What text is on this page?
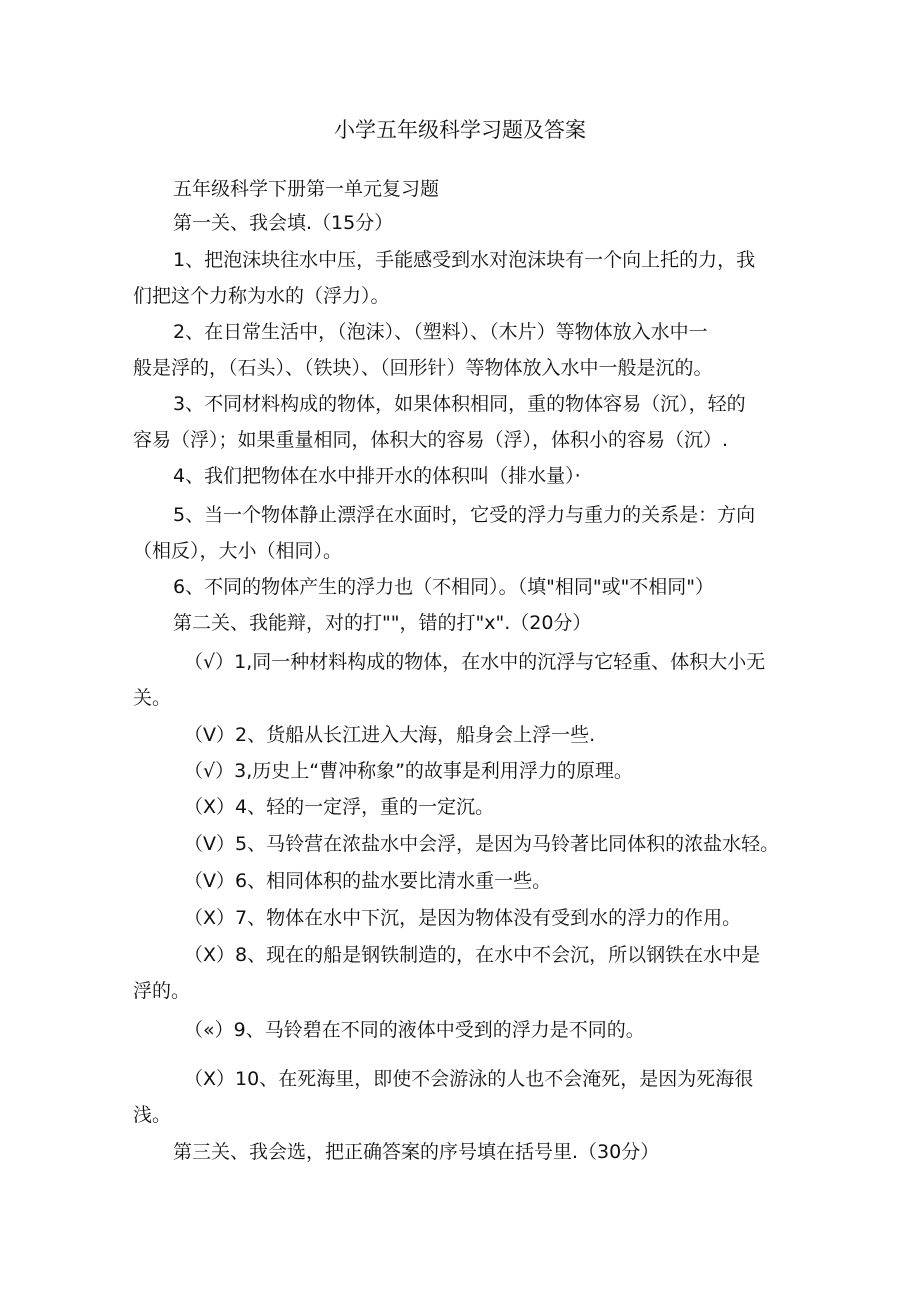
小学五年级科学习题及答案
五年级科学下册第一单元复习题
第一关、我会填.（15分）
1、把泡沫块往水中压，手能感受到水对泡沫块有一个向上托的力，我
们把这个力称为水的（浮力）。
2、在日常生活中，（泡沫）、（塑料）、（木片）等物体放入水中一
般是浮的，（石头）、（铁块）、（回形针）等物体放入水中一般是沉的。
3、不同材料构成的物体，如果体积相同，重的物体容易（沉），轻的
容易（浮）；如果重量相同，体积大的容易（浮），体积小的容易（沉）.
4、我们把物体在水中排开水的体积叫（排水量）·
5、当一个物体静止漂浮在水面时，它受的浮力与重力的关系是：方向
（相反），大小（相同）。
6、不同的物体产生的浮力也（不相同）。（填"相同"或"不相同"）
第二关、我能辩，对的打""，错的打"x".（20分）
（√）1,同一种材料构成的物体，在水中的沉浮与它轻重、体积大小无
关。
（V）2、货船从长江进入大海，船身会上浮一些.
（√）3,历史上“曹冲称象”的故事是利用浮力的原理。
（X）4、轻的一定浮，重的一定沉。
（V）5、马铃营在浓盐水中会浮，是因为马铃著比同体积的浓盐水轻。
（V）6、相同体积的盐水要比清水重一些。
（X）7、物体在水中下沉，是因为物体没有受到水的浮力的作用。
（X）8、现在的船是钢铁制造的，在水中不会沉，所以钢铁在水中是
浮的。
（«）9、马铃碧在不同的液体中受到的浮力是不同的。
（X）10、在死海里，即使不会游泳的人也不会淹死，是因为死海很
浅。
第三关、我会选，把正确答案的序号填在括号里.（30分）
